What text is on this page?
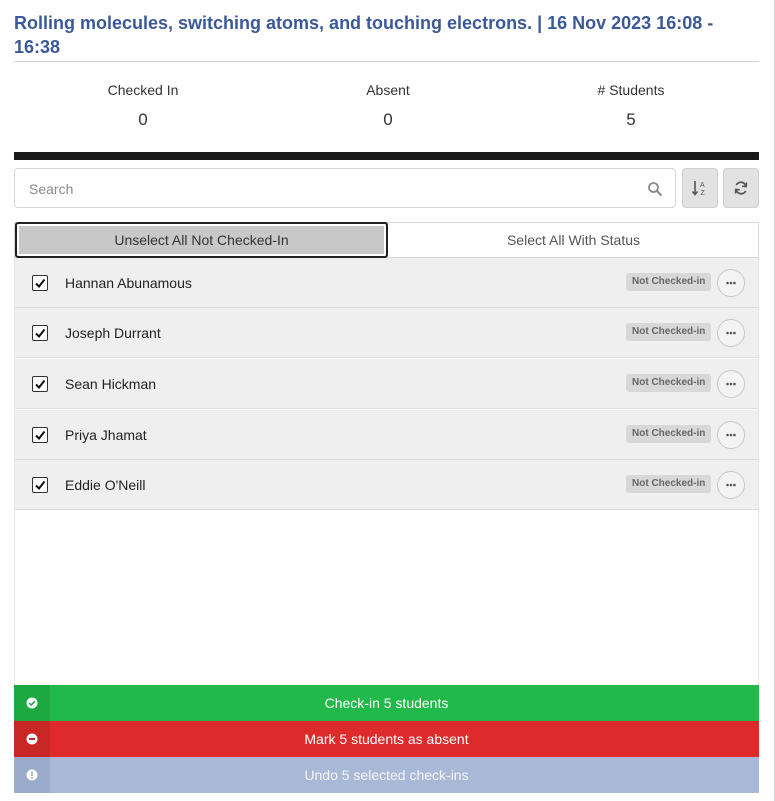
Rolling molecules, switching atoms, and touching electrons. | 16 Nov 2023 16:08 - 16:38
Checked In
0
Absent
0
# Students
5
Search
A
Z
Unselect All Not Checked-In	Select All With Status
Hannan Abunamous	Not Checked-in
Joseph Durrant	Not Checked-in
Sean Hickman	Not Checked-in
Priya Jhamat	Not Checked-in
Eddie O'Neill	Not Checked-in
Check-in 5 students
Mark 5 students as absent
Undo 5 selected check-ins
